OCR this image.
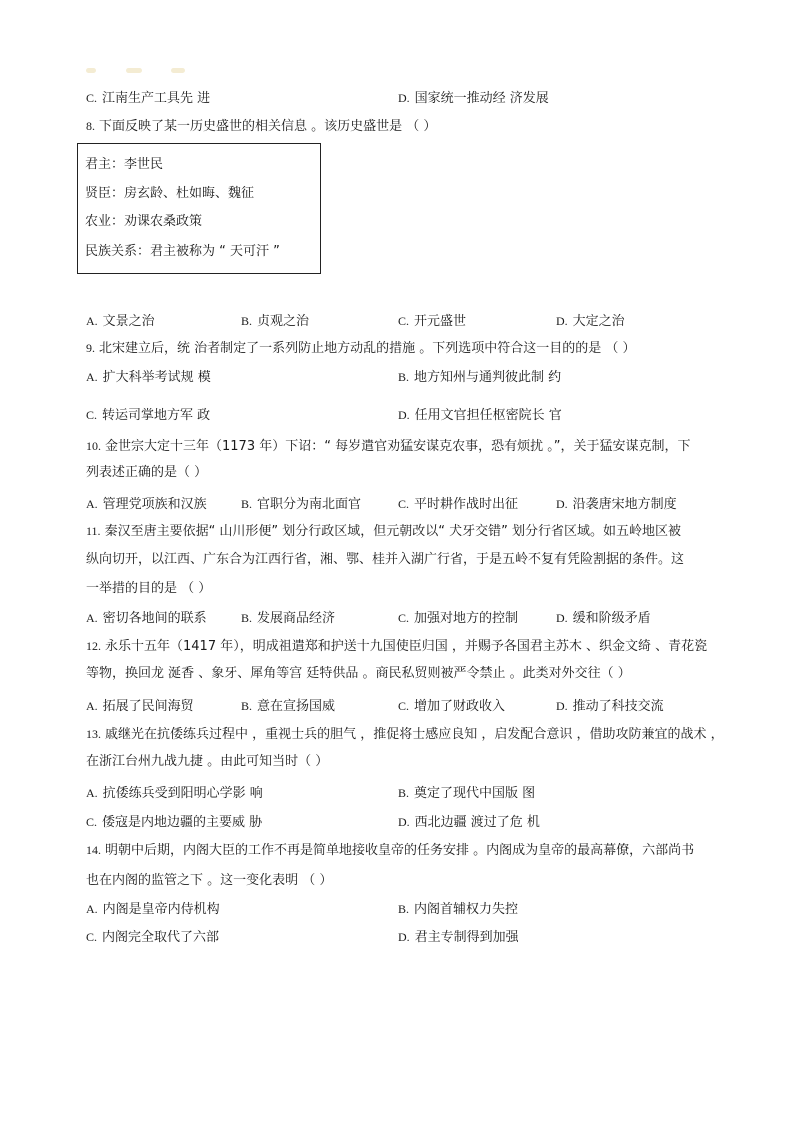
C. 江南生产工具先 进	D. 国家统一推动经 济发展
8. 下面反映了某一历史盛世的相关信息 。该历史盛世是 （ ）
君主：李世民
贤臣：房玄龄、杜如晦、魏征
农业：劝课农桑政策
民族关系：君主被称为 “ 天可汗 ”
A. 文景之治	B. 贞观之治	C. 开元盛世	D. 大定之治
9. 北宋建立后，统 治者制定了一系列防止地方动乱的措施 。下列选项中符合这一目的的是 （ ）
A. 扩大科举考试规 模	B. 地方知州与通判彼此制 约
C. 转运司掌地方军 政	D. 任用文官担任枢密院长 官
10. 金世宗大定十三年（1173 年）下诏：“ 每岁遣官劝猛安谋克农事，恐有烦扰 。”，关于猛安谋克制，下
列表述正确的是（ ）
A. 管理党项族和汉族	B. 官职分为南北面官	C. 平时耕作战时出征	D. 沿袭唐宋地方制度
11. 秦汉至唐主要依据“ 山川形便” 划分行政区域，但元朝改以“ 犬牙交错” 划分行省区域。如五岭地区被
纵向切开，以江西、广东合为江西行省，湘、鄂、桂并入湖广行省，于是五岭不复有凭险割据的条件。这
一举措的目的是 （ ）
A. 密切各地间的联系	B. 发展商品经济	C. 加强对地方的控制	D. 缓和阶级矛盾
12. 永乐十五年（1417 年），明成祖遣郑和护送十九国使臣归国 ，并赐予各国君主苏木 、织金文绮 、青花瓷
等物，换回龙 涎香 、象牙、犀角等宫 廷特供品 。商民私贸则被严令禁止 。此类对外交往（ ）
A. 拓展了民间海贸	B. 意在宣扬国威	C. 增加了财政收入	D. 推动了科技交流
13. 戚继光在抗倭练兵过程中 ，重视士兵的胆气 ，推促将士感应良知 ，启发配合意识 ，借助攻防兼宜的战术 ，
在浙江台州九战九捷 。由此可知当时（ ）
A. 抗倭练兵受到阳明心学影 响	B. 奠定了现代中国版 图
C. 倭寇是内地边疆的主要威 胁	D. 西北边疆 渡过了危 机
14. 明朝中后期，内阁大臣的工作不再是简单地接收皇帝的任务安排 。内阁成为皇帝的最高幕僚，六部尚书
也在内阁的监管之下 。这一变化表明 （ ）
A. 内阁是皇帝内侍机构	B. 内阁首辅权力失控
C. 内阁完全取代了六部	D. 君主专制得到加强
